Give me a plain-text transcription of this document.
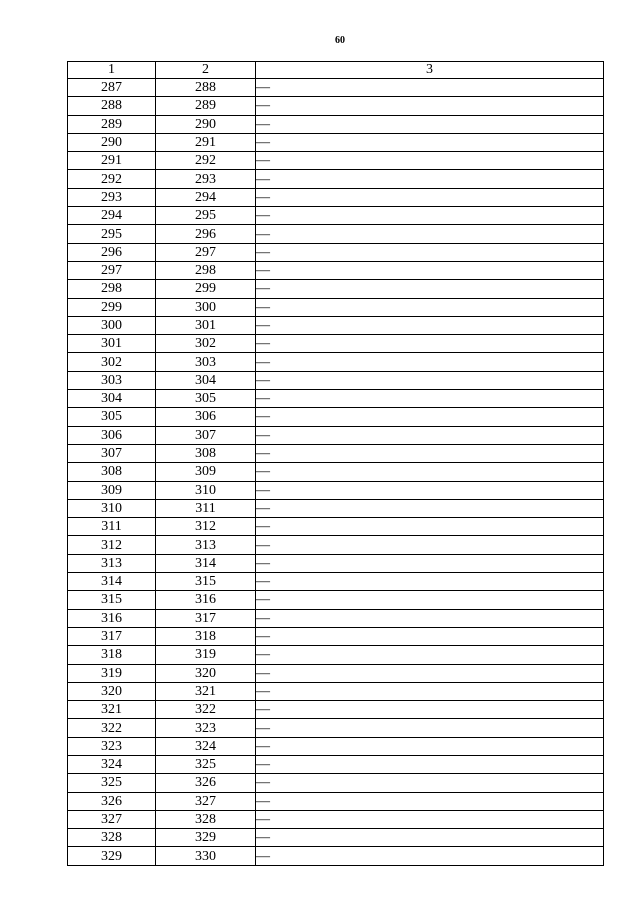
60
1	2	3
287	288	—
288	289	—
289	290	—
290	291	—
291	292	—
292	293	—
293	294	—
294	295	—
295	296	—
296	297	—
297	298	—
298	299	—
299	300	—
300	301	—
301	302	—
302	303	—
303	304	—
304	305	—
305	306	—
306	307	—
307	308	—
308	309	—
309	310	—
310	311	—
311	312	—
312	313	—
313	314	—
314	315	—
315	316	—
316	317	—
317	318	—
318	319	—
319	320	—
320	321	—
321	322	—
322	323	—
323	324	—
324	325	—
325	326	—
326	327	—
327	328	—
328	329	—
329	330	—
